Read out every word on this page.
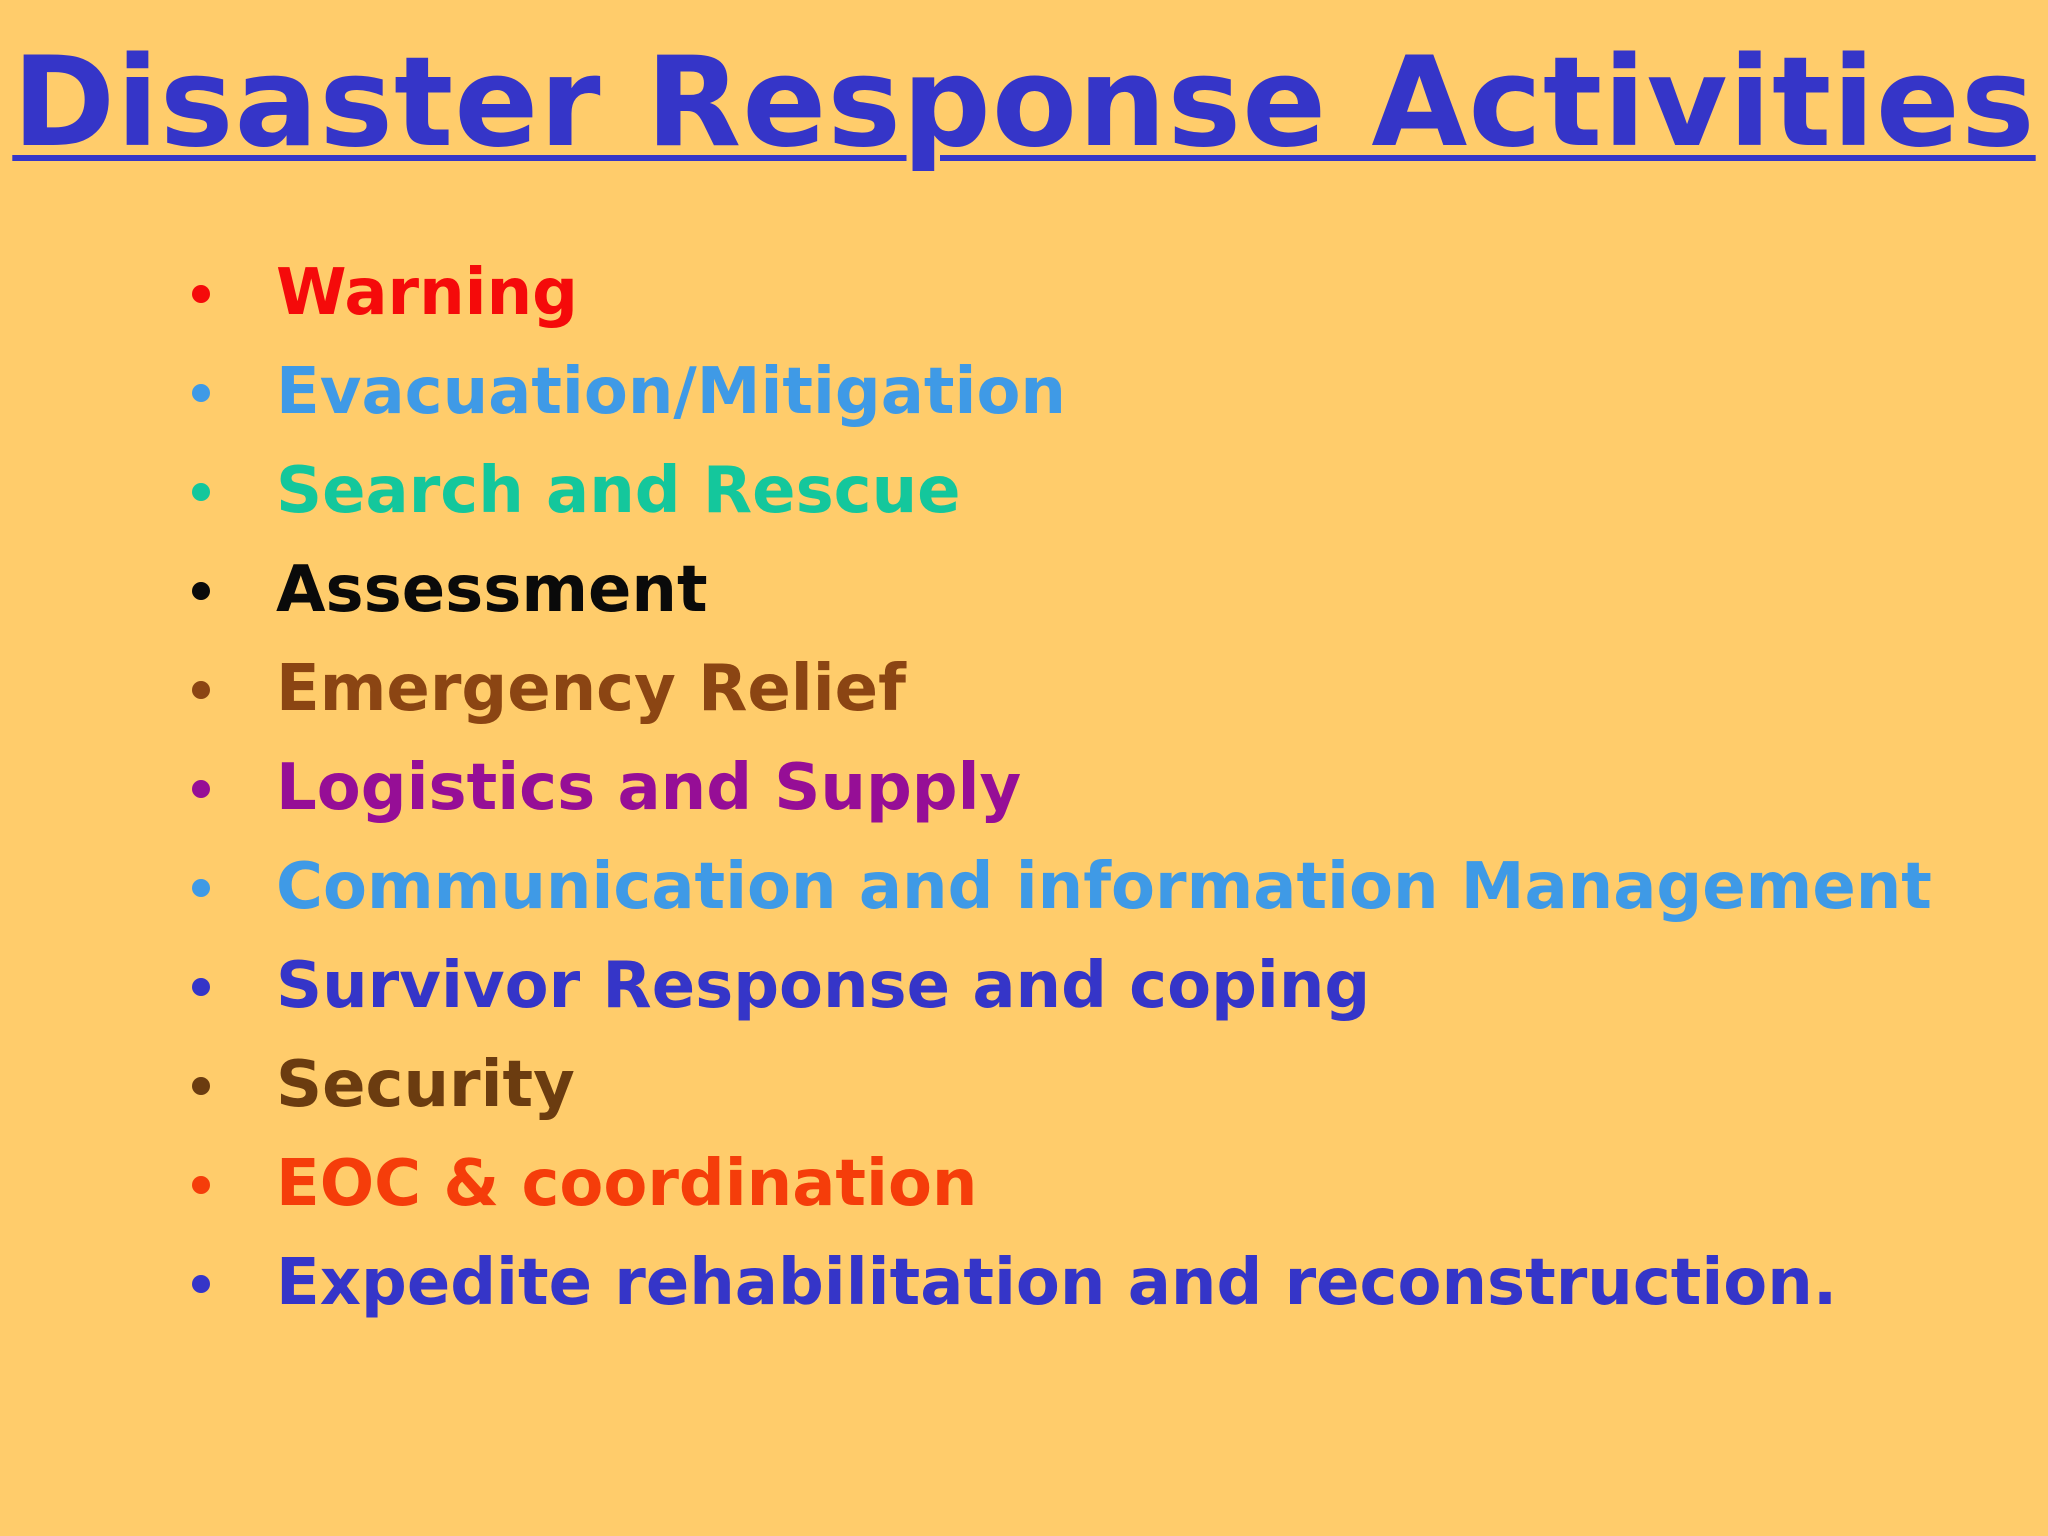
Disaster Response Activities
Warning
Evacuation/Mitigation
Search and Rescue
Assessment
Emergency Relief
Logistics and Supply
Communication and information Management
Survivor Response and coping
Security
EOC & coordination
Expedite rehabilitation and reconstruction.
